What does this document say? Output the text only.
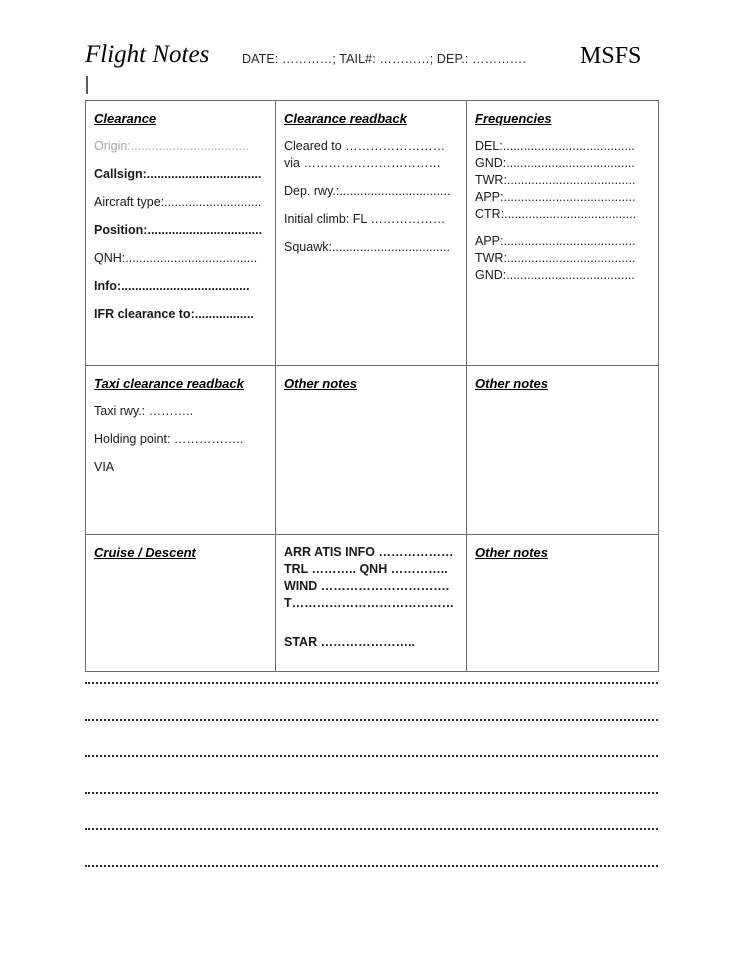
Flight Notes	DATE: …………; TAIL#: …………; DEP.: …………. MSFS
Clearance
Origin:..................................
Callsign:.................................
Aircraft type:............................
Position:.................................
QNH:......................................
Info:.....................................
IFR clearance to:.................

Clearance readback
Cleared to ……………………
via ……………………………
Dep. rwy.:................................
Initial climb: FL ………………
Squawk:..................................

Frequencies
DEL:......................................
GND:.....................................
TWR:.....................................
APP:......................................
CTR:......................................
APP:......................................
TWR:.....................................
GND:.....................................

Taxi clearance readback
Taxi rwy.: ………..
Holding point: ……………..
VIA	Other notes	Other notes

Cruise / Descent	ARR ATIS INFO ………………
TRL ……….. QNH …………..
WIND ………………………….
T…………………………………
STAR …………………..	Other notes
